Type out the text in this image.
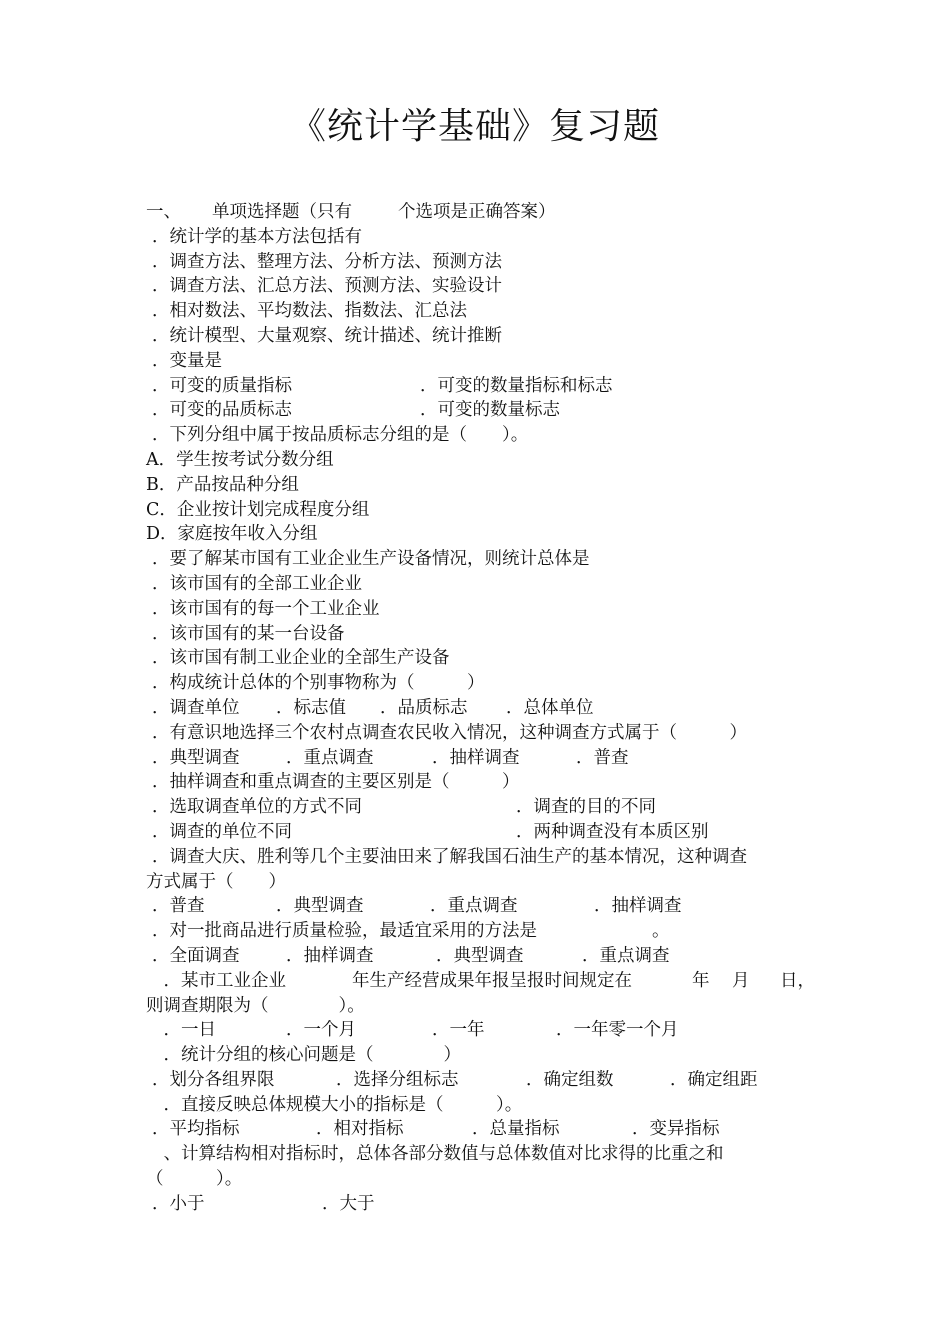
《统计学基础》复习题
一、 单项选择题（只有	个选项是正确答案）
．统计学的基本方法包括有
．调查方法、整理方法、分析方法、预测方法
．调查方法、汇总方法、预测方法、实验设计
．相对数法、平均数法、指数法、汇总法
．统计模型、大量观察、统计描述、统计推断
．变量是
．可变的质量指标	．可变的数量指标和标志
．可变的品质标志	．可变的数量标志
．下列分组中属于按品质标志分组的是（　　）。
A．学生按考试分数分组
B．产品按品种分组
C．企业按计划完成程度分组
D．家庭按年收入分组
．要了解某市国有工业企业生产设备情况，则统计总体是
．该市国有的全部工业企业
．该市国有的每一个工业企业
．该市国有的某一台设备
．该市国有制工业企业的全部生产设备
．构成统计总体的个别事物称为（　　　）
．调查单位 ．标志值 ．品质标志 ．总体单位
．有意识地选择三个农村点调查农民收入情况，这种调查方式属于（　　　）
．典型调查	．重点调查	．抽样调查	．普查
．抽样调查和重点调查的主要区别是（　　　）
．选取调查单位的方式不同	．调查的目的不同
．调查的单位不同	．两种调查没有本质区别
．调查大庆、胜利等几个主要油田来了解我国石油生产的基本情况，这种调查
方式属于（　　）
．普查	．典型调查	．重点调查	．抽样调查
．对一批商品进行质量检验，最适宜采用的方法是	。
．全面调查	．抽样调查	．典型调查	．重点调查
　．某市工业企业	年生产经营成果年报呈报时间规定在	年 月 日，
则调查期限为（　　　　）。
　．一日	．一个月	．一年	．一年零一个月
　．统计分组的核心问题是（　　　　）
．划分各组界限	．选择分组标志	．确定组数	．确定组距
　．直接反映总体规模大小的指标是（　　　）。
．平均指标	．相对指标	．总量指标	．变异指标
　、计算结构相对指标时，总体各部分数值与总体数值对比求得的比重之和
（　　　）。
．小于	．大于
